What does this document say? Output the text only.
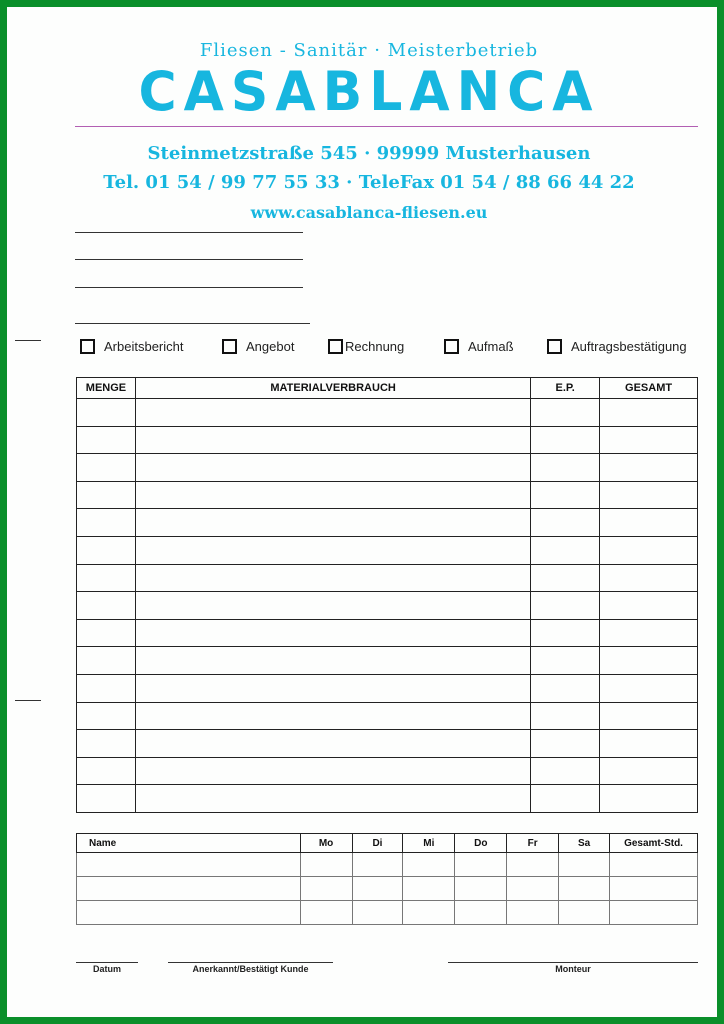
Fliesen - Sanitär · Meisterbetrieb
CASABLANCA
Steinmetzstraße 545 · 99999 Musterhausen
Tel. 01 54 / 99 77 55 33 · TeleFax 01 54 / 88 66 44 22
www.casablanca-fliesen.eu
Arbeitsbericht	Angebot	Rechnung	Aufmaß	Auftragsbestätigung
MENGE	MATERIALVERBRAUCH	E.P.	GESAMT

Name	Mo	Di	Mi	Do	Fr	Sa	Gesamt-Std.

Datum	Anerkannt/Bestätigt Kunde	Monteur
